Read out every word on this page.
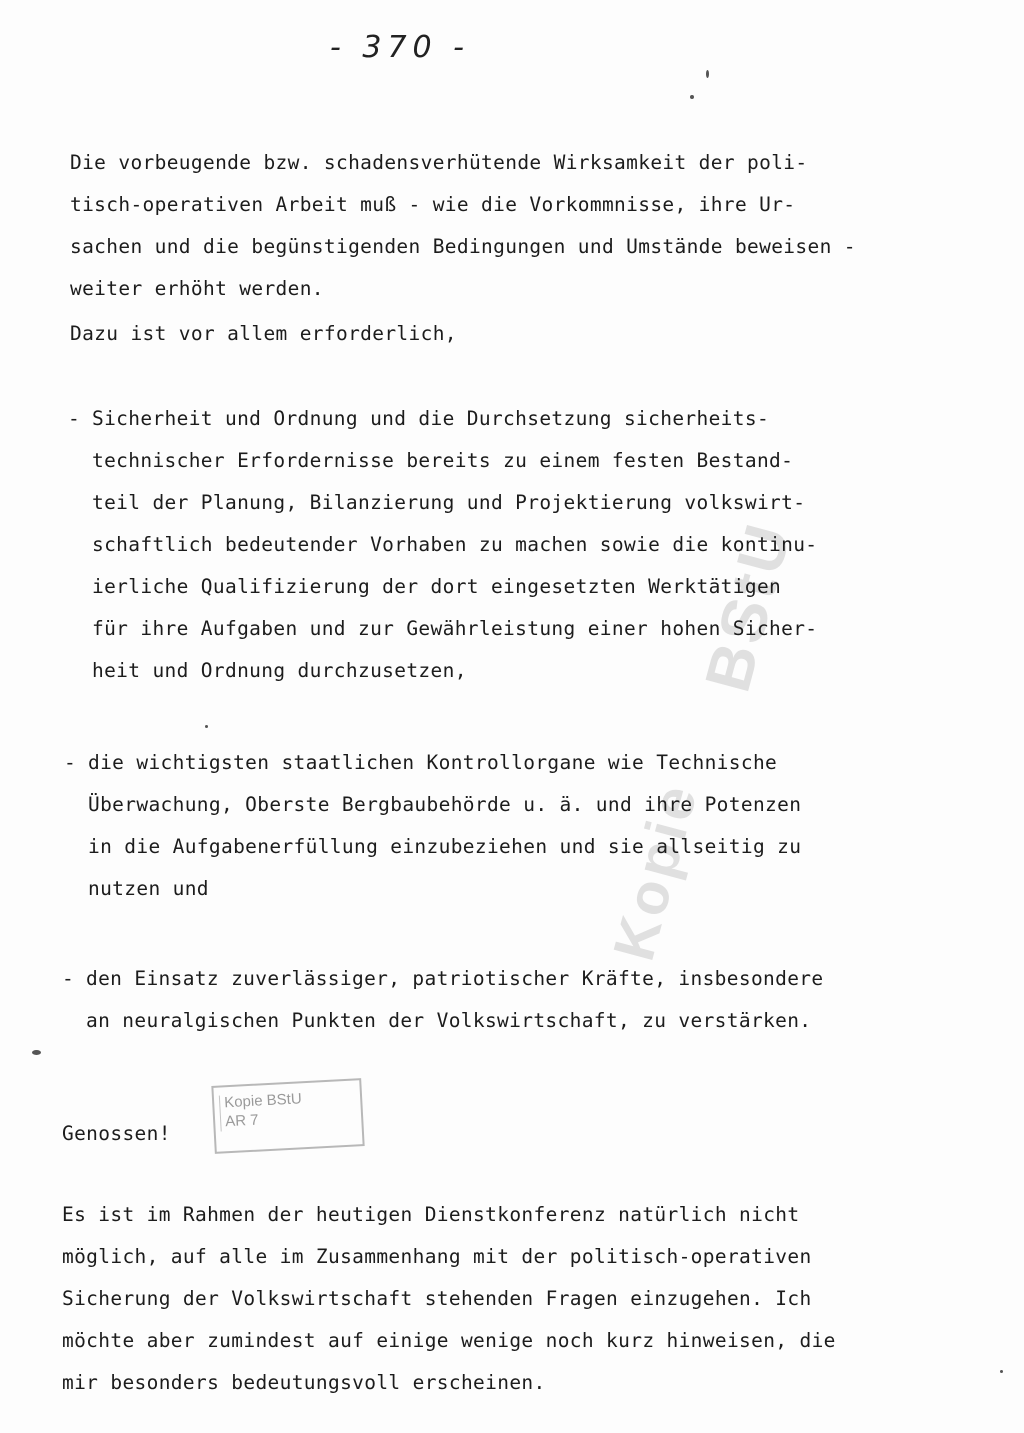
- 370 -
BStU
Kopie
Die vorbeugende bzw. schadensverhütende Wirksamkeit der poli-
tisch-operativen Arbeit muß - wie die Vorkommnisse, ihre Ur-
sachen und die begünstigenden Bedingungen und Umstände beweisen -
weiter erhöht werden.
Dazu ist vor allem erforderlich,
- Sicherheit und Ordnung und die Durchsetzung sicherheits-
technischer Erfordernisse bereits zu einem festen Bestand-
teil der Planung, Bilanzierung und Projektierung volkswirt-
schaftlich bedeutender Vorhaben zu machen sowie die kontinu-
ierliche Qualifizierung der dort eingesetzten Werktätigen
für ihre Aufgaben und zur Gewährleistung einer hohen Sicher-
heit und Ordnung durchzusetzen,
- die wichtigsten staatlichen Kontrollorgane wie Technische
Überwachung, Oberste Bergbaubehörde u. ä. und ihre Potenzen
in die Aufgabenerfüllung einzubeziehen und sie allseitig zu
nutzen und
- den Einsatz zuverlässiger, patriotischer Kräfte, insbesondere
an neuralgischen Punkten der Volkswirtschaft, zu verstärken.
Genossen!
Kopie BStU
AR 7
Es ist im Rahmen der heutigen Dienstkonferenz natürlich nicht
möglich, auf alle im Zusammenhang mit der politisch-operativen
Sicherung der Volkswirtschaft stehenden Fragen einzugehen. Ich
möchte aber zumindest auf einige wenige noch kurz hinweisen, die
mir besonders bedeutungsvoll erscheinen.
